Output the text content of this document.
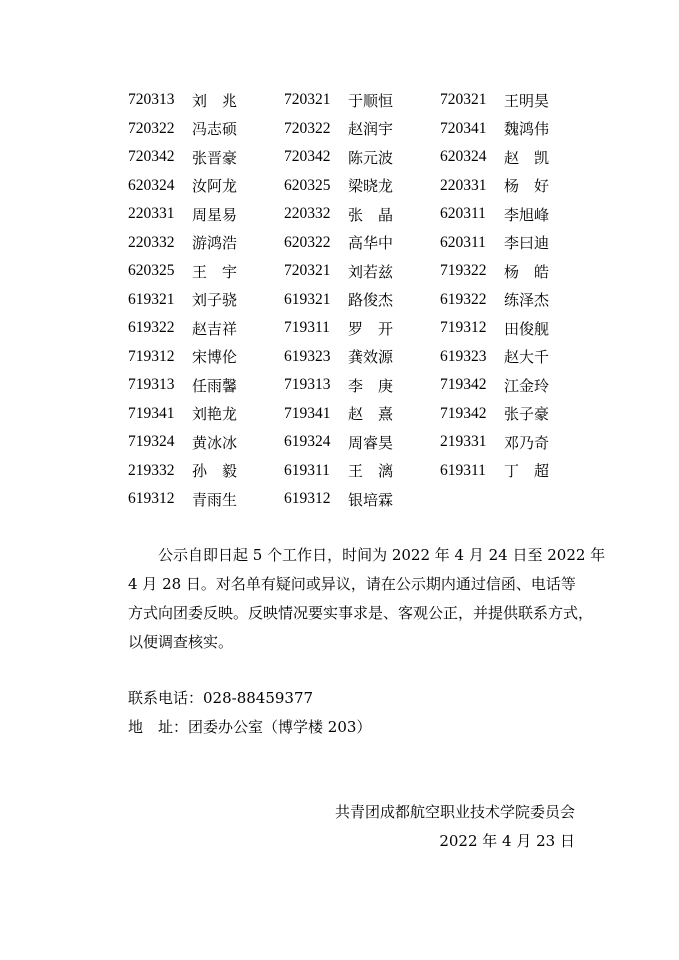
720313	刘　兆	720321	于顺恒	720321	王明昊
720322	冯志硕	720322	赵润宇	720341	魏鸿伟
720342	张晋豪	720342	陈元波	620324	赵　凯
620324	汝阿龙	620325	梁晓龙	220331	杨　好
220331	周星易	220332	张　晶	620311	李旭峰
220332	游鸿浩	620322	高华中	620311	李曰迪
620325	王　宇	720321	刘若兹	719322	杨　皓
619321	刘子骁	619321	路俊杰	619322	练泽杰
619322	赵吉祥	719311	罗　开	719312	田俊舰
719312	宋博伦	619323	龚效源	619323	赵大千
719313	任雨馨	719313	李　庚	719342	江金玲
719341	刘艳龙	719341	赵　熹	719342	张子豪
719324	黄冰冰	619324	周睿昊	219331	邓乃奇
219332	孙　毅	619311	王　漓	619311	丁　超
619312	青雨生	619312	银培霖
　　公示自即日起 5 个工作日，时间为 2022 年 4 月 24 日至 2022 年
4 月 28 日。对名单有疑问或异议，请在公示期内通过信函、电话等
方式向团委反映。反映情况要实事求是、客观公正，并提供联系方式，
以便调查核实。
联系电话：028-88459377
地　址：团委办公室（博学楼 203）
共青团成都航空职业技术学院委员会
2022 年 4 月 23 日
